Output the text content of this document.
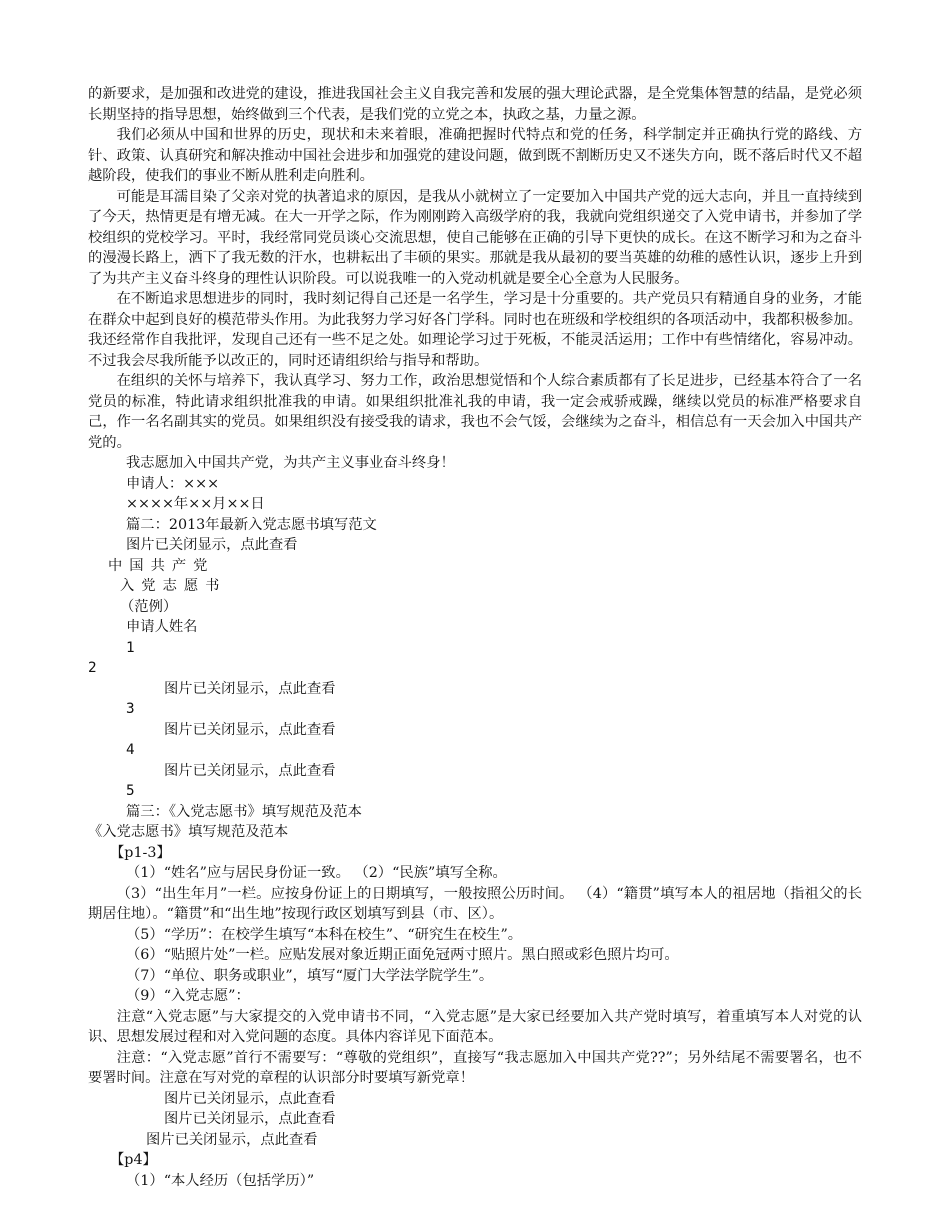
的新要求，是加强和改进党的建设，推进我国社会主义自我完善和发展的强大理论武器，是全党集体智慧的结晶，是党必须长期坚持的指导思想，始终做到三个代表，是我们党的立党之本，执政之基，力量之源。

我们必须从中国和世界的历史，现状和未来着眼，准确把握时代特点和党的任务，科学制定并正确执行党的路线、方针、政策、认真研究和解决推动中国社会进步和加强党的建设问题，做到既不割断历史又不迷失方向，既不落后时代又不超越阶段，使我们的事业不断从胜利走向胜利。

可能是耳濡目染了父亲对党的执著追求的原因，是我从小就树立了一定要加入中国共产党的远大志向，并且一直持续到了今天，热情更是有增无减。在大一开学之际，作为刚刚跨入高级学府的我，我就向党组织递交了入党申请书，并参加了学校组织的党校学习。平时，我经常同党员谈心交流思想，使自己能够在正确的引导下更快的成长。在这不断学习和为之奋斗的漫漫长路上，洒下了我无数的汗水，也耕耘出了丰硕的果实。那就是我从最初的要当英雄的幼稚的感性认识，逐步上升到了为共产主义奋斗终身的理性认识阶段。可以说我唯一的入党动机就是要全心全意为人民服务。

在不断追求思想进步的同时，我时刻记得自己还是一名学生，学习是十分重要的。共产党员只有精通自身的业务，才能在群众中起到良好的模范带头作用。为此我努力学习好各门学科。同时也在班级和学校组织的各项活动中，我都积极参加。我还经常作自我批评，发现自己还有一些不足之处。如理论学习过于死板，不能灵活运用；工作中有些情绪化，容易冲动。不过我会尽我所能予以改正的，同时还请组织给与指导和帮助。

在组织的关怀与培养下，我认真学习、努力工作，政治思想觉悟和个人综合素质都有了长足进步，已经基本符合了一名党员的标准，特此请求组织批准我的申请。如果组织批准礼我的申请，我一定会戒骄戒躁，继续以党员的标准严格要求自己，作一名名副其实的党员。如果组织没有接受我的请求，我也不会气馁，会继续为之奋斗，相信总有一天会加入中国共产党的。

我志愿加入中国共产党，为共产主义事业奋斗终身！

申请人：×××

××××年××月××日

篇二：2013年最新入党志愿书填写范文

图片已关闭显示，点此查看

中国共产党

入党志愿书

（范例）

申请人姓名

1

2

图片已关闭显示，点此查看

3

图片已关闭显示，点此查看

4

图片已关闭显示，点此查看

5

篇三：《入党志愿书》填写规范及范本

《入党志愿书》填写规范及范本

【p1-3】

（1）“姓名”应与居民身份证一致。 （2）“民族”填写全称。

（3）“出生年月”一栏。应按身份证上的日期填写，一般按照公历时间。 （4）“籍贯”填写本人的祖居地（指祖父的长期居住地）。“籍贯”和“出生地”按现行政区划填写到县（市、区）。

（5）“学历”：在校学生填写“本科在校生”、“研究生在校生”。

（6）“贴照片处”一栏。应贴发展对象近期正面免冠两寸照片。黑白照或彩色照片均可。

（7）“单位、职务或职业”，填写“厦门大学法学院学生”。

（9）“入党志愿”：

注意“入党志愿”与大家提交的入党申请书不同，“入党志愿”是大家已经要加入共产党时填写，着重填写本人对党的认识、思想发展过程和对入党问题的态度。具体内容详见下面范本。

注意：“入党志愿”首行不需要写：“尊敬的党组织”，直接写“我志愿加入中国共产党??”；另外结尾不需要署名，也不要署时间。注意在写对党的章程的认识部分时要填写新党章！

图片已关闭显示，点此查看

图片已关闭显示，点此查看

图片已关闭显示，点此查看

【p4】

（1）“本人经历（包括学历）”
